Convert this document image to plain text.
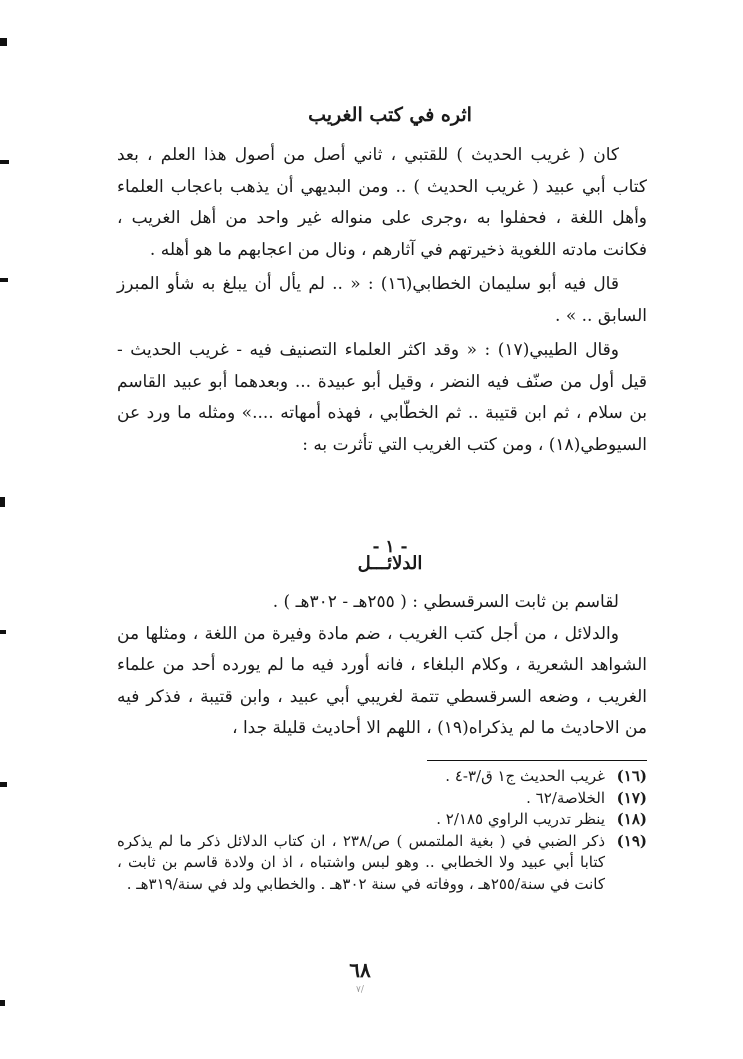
اثره في كتب الغريب

كان ( غريب الحديث ) للقتبي ، ثاني أصل من أصول هذا العلم ، بعد كتاب أبي عبيد ( غريب الحديث ) .. ومن البديهي أن يذهب باعجاب العلماء وأهل اللغة ، فحفلوا به ،وجرى على منواله غير واحد من أهل الغريب ، فكانت مادته اللغوية ذخيرتهم في آثارهم ، ونال من اعجابهم ما هو أهله .

قال فيه أبو سليمان الخطابي(١٦) : « .. لم يأل أن يبلغ به شأو المبرز السابق .. » .

وقال الطيبي(١٧) : « وقد اكثر العلماء التصنيف فيه - غريب الحديث - قيل أول من صنّف فيه النضر ، وقيل أبو عبيدة ... وبعدهما أبو عبيد القاسم بن سلام ، ثم ابن قتيبة .. ثم الخطّابي ، فهذه أمهاته ....» ومثله ما ورد عن السيوطي(١٨) ، ومن كتب الغريب التي تأثرت به :

- ١ -
الدلائـــل

لقاسم بن ثابت السرقسطي : ( ٢٥٥هـ - ٣٠٢هـ ) .

والدلائل ، من أجل كتب الغريب ، ضم مادة وفيرة من اللغة ، ومثلها من الشواهد الشعرية ، وكلام البلغاء ، فانه أورد فيه ما لم يورده أحد من علماء الغريب ، وضعه السرقسطي تتمة لغريبي أبي عبيد ، وابن قتيبة ، فذكر فيه من الاحاديث ما لم يذكراه(١٩) ، اللهم الا أحاديث قليلة جدا ،

(١٦)
غريب الحديث ج١ ق/٣-٤ .
(١٧)
الخلاصة/٦٢ .
(١٨)
ينظر تدريب الراوي ٢/١٨٥ .
(١٩)
ذكر الضبي في ( بغية الملتمس ) ص/٢٣٨ ، ان كتاب الدلائل ذكر ما لم يذكره كتابا أبي عبيد ولا الخطابي .. وهو لبس واشتباه ، اذ ان ولادة قاسم بن ثابت ، كانت في سنة/٢٥٥هـ ، ووفاته في سنة ٣٠٢هـ . والخطابي ولد في سنة/٣١٩هـ .
٦٨
٧/
